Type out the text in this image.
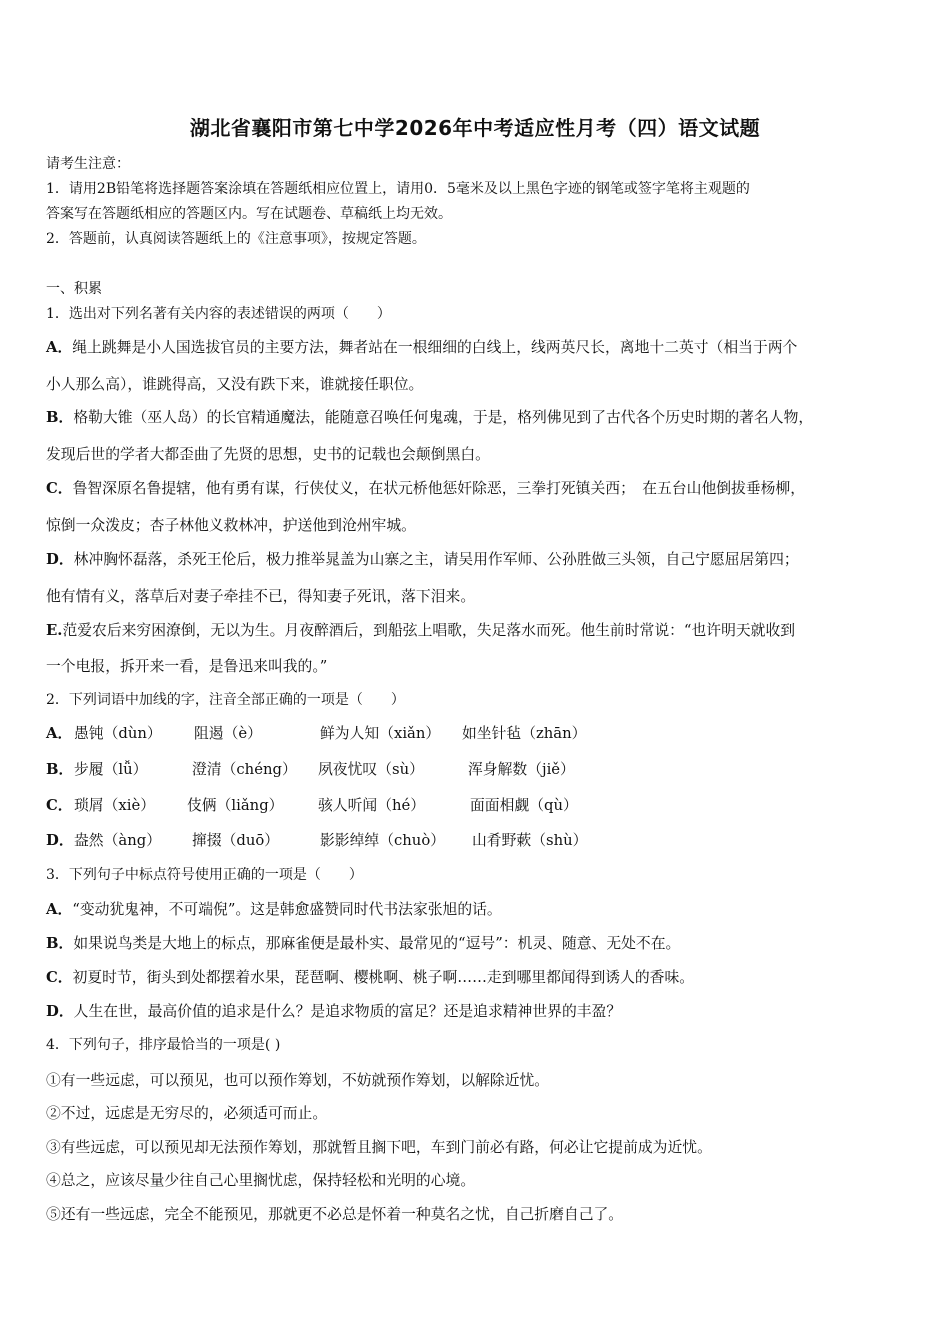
湖北省襄阳市第七中学2026年中考适应性月考（四）语文试题
请考生注意：
1．请用2B铅笔将选择题答案涂填在答题纸相应位置上，请用0．5毫米及以上黑色字迹的钢笔或签字笔将主观题的
答案写在答题纸相应的答题区内。写在试题卷、草稿纸上均无效。
2．答题前，认真阅读答题纸上的《注意事项》，按规定答题。
一、积累
1．选出对下列名著有关内容的表述错误的两项（　　）
A．绳上跳舞是小人国选拔官员的主要方法，舞者站在一根细细的白线上，线两英尺长，离地十二英寸（相当于两个
小人那么高），谁跳得高，又没有跌下来，谁就接任职位。
B．格勒大锥（巫人岛）的长官精通魔法，能随意召唤任何鬼魂，于是，格列佛见到了古代各个历史时期的著名人物，
发现后世的学者大都歪曲了先贤的思想，史书的记载也会颠倒黑白。
C．鲁智深原名鲁提辖，他有勇有谋，行侠仗义，在状元桥他惩奸除恶，三拳打死镇关西；　在五台山他倒拔垂杨柳，
惊倒一众泼皮；杏子林他义救林冲，护送他到沧州牢城。
D．林冲胸怀磊落，杀死王伦后，极力推举晁盖为山寨之主，请吴用作军师、公孙胜做三头领，自己宁愿屈居第四；
他有情有义，落草后对妻子牵挂不已，得知妻子死讯，落下泪来。
E.范爱农后来穷困潦倒，无以为生。月夜醉酒后，到船弦上唱歌，失足落水而死。他生前时常说：“也许明天就收到
一个电报，拆开来一看，是鲁迅来叫我的。”
2．下列词语中加线的字，注音全部正确的一项是（　　）
A． 愚钝（dùn） 阻遏（è）	鲜为人知（xiǎn） 如坐针毡（zhān）
B． 步履（lǚ）	澄清（chéng） 夙夜忧叹（sù）	浑身解数（jiě）
C． 琐屑（xiè） 伎俩（liǎng） 骇人听闻（hé）	面面相觑（qù）
D． 盎然（àng） 撺掇（duō）	影影绰绰（chuò） 山肴野蔌（shù）
3．下列句子中标点符号使用正确的一项是（　　）
A．“变动犹鬼神，不可端倪”。这是韩愈盛赞同时代书法家张旭的话。
B．如果说鸟类是大地上的标点，那麻雀便是最朴实、最常见的“逗号”：机灵、随意、无处不在。
C．初夏时节，街头到处都摆着水果，琵琶啊、樱桃啊、桃子啊……走到哪里都闻得到诱人的香味。
D．人生在世，最高价值的追求是什么？是追求物质的富足？还是追求精神世界的丰盈？
4．下列句子，排序最恰当的一项是( )
①有一些远虑，可以预见，也可以预作筹划，不妨就预作筹划，以解除近忧。
②不过，远虑是无穷尽的，必须适可而止。
③有些远虑，可以预见却无法预作筹划，那就暂且搁下吧，车到门前必有路，何必让它提前成为近忧。
④总之，应该尽量少往自己心里搁忧虑，保持轻松和光明的心境。
⑤还有一些远虑，完全不能预见，那就更不必总是怀着一种莫名之忧，自己折磨自己了。
